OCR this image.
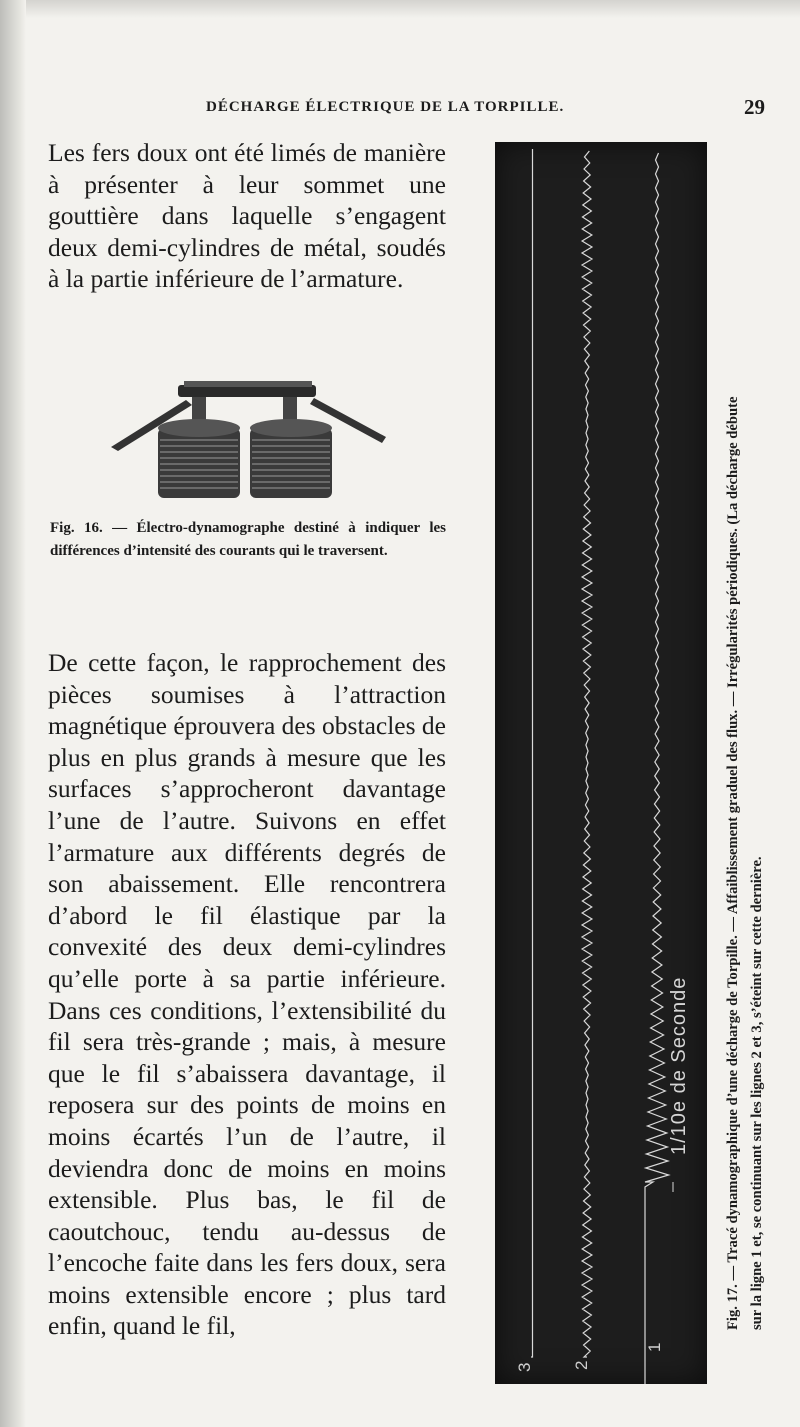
DÉCHARGE ÉLECTRIQUE DE LA TORPILLE.	29

Les fers doux ont été limés de manière à présenter à leur sommet une gouttière dans laquelle s’engagent deux demi-cylindres de métal, soudés à la partie inférieure de l’armature.

Fig. 16. — Électro-dynamographe destiné à indiquer les différences d’intensité des courants qui le traversent.

De cette façon, le rapprochement des pièces soumises à l’attraction magnétique éprouvera des obstacles de plus en plus grands à mesure que les surfaces s’approcheront davantage l’une de l’autre. Suivons en effet l’armature aux différents degrés de son abaissement. Elle rencontrera d’abord le fil élastique par la convexité des deux demi-cylindres qu’elle porte à sa partie inférieure. Dans ces conditions, l’extensibilité du fil sera très-grande ; mais, à mesure que le fil s’abaissera davantage, il reposera sur des points de moins en moins écartés l’un de l’autre, il deviendra donc de moins en moins extensible. Plus bas, le fil de caoutchouc, tendu au-dessus de l’encoche faite dans les fers doux, sera moins extensible encore ; plus tard enfin, quand le fil,

1
2
3
1/10e de Seconde Fig. 17. — Tracé dynamographique d’une décharge de Torpille. — Affaiblissement graduel des flux. — Irrégularités périodiques. (La décharge débute sur la ligne 1 et, se continuant sur les lignes 2 et 3, s’éteint sur cette dernière.
